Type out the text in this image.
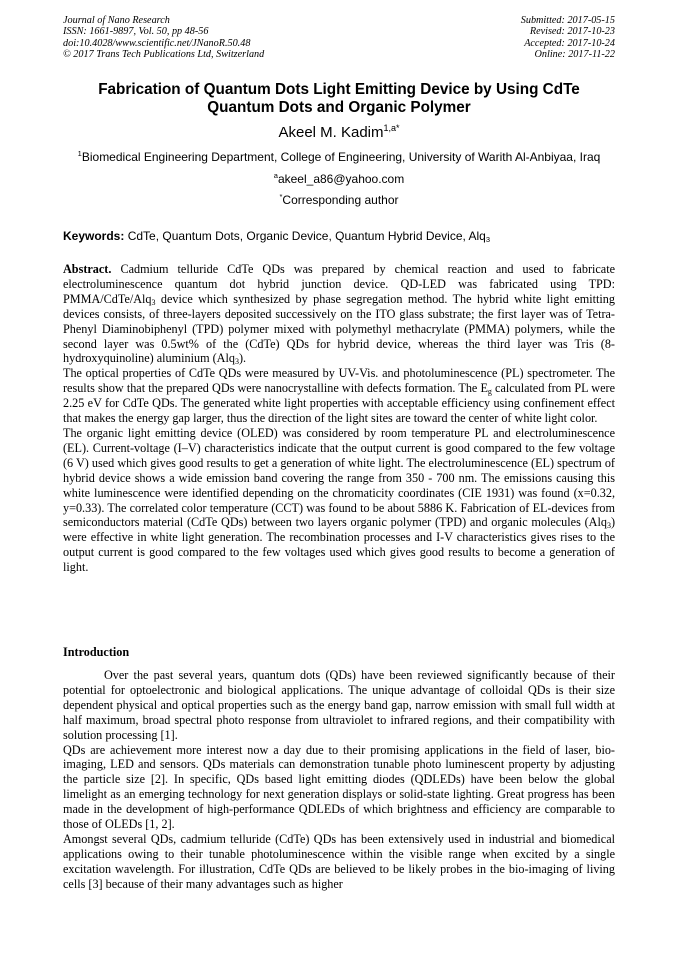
Journal of Nano Research
ISSN: 1661-9897, Vol. 50, pp 48-56
doi:10.4028/www.scientific.net/JNanoR.50.48
© 2017 Trans Tech Publications Ltd, Switzerland
Submitted: 2017-05-15
Revised: 2017-10-23
Accepted: 2017-10-24
Online: 2017-11-22
Fabrication of Quantum Dots Light Emitting Device by Using CdTe
Quantum Dots and Organic Polymer
Akeel M. Kadim$^{1,a*}$
$^1$Biomedical Engineering Department, College of Engineering, University of Warith Al-Anbiyaa, Iraq
$^a$akeel_a86@yahoo.com
*Corresponding author
Keywords: CdTe, Quantum Dots, Organic Device, Quantum Hybrid Device, Alq$_3$

Abstract. Cadmium telluride CdTe QDs was prepared by chemical reaction and used to fabricate electroluminescence quantum dot hybrid junction device. QD-LED was fabricated using TPD: PMMA/CdTe/Alq$_3$ device which synthesized by phase segregation method. The hybrid white light emitting devices consists, of three-layers deposited successively on the ITO glass substrate; the first layer was of Tetra-Phenyl Diaminobiphenyl (TPD) polymer mixed with polymethyl methacrylate (PMMA) polymers, while the second layer was 0.5wt% of the (CdTe) QDs for hybrid device, whereas the third layer was Tris (8-hydroxyquinoline) aluminium (Alq$_3$).

The optical properties of CdTe QDs were measured by UV-Vis. and photoluminescence (PL) spectrometer. The results show that the prepared QDs were nanocrystalline with defects formation. The $E_g$ calculated from PL were 2.25 eV for CdTe QDs. The generated white light properties with acceptable efficiency using confinement effect that makes the energy gap larger, thus the direction of the light sites are toward the center of white light color.

The organic light emitting device (OLED) was considered by room temperature PL and electroluminescence (EL). Current-voltage (I–V) characteristics indicate that the output current is good compared to the few voltage (6 V) used which gives good results to get a generation of white light. The electroluminescence (EL) spectrum of hybrid device shows a wide emission band covering the range from 350 - 700 nm. The emissions causing this white luminescence were identified depending on the chromaticity coordinates (CIE 1931) was found (x=0.32, y=0.33). The correlated color temperature (CCT) was found to be about 5886 K. Fabrication of EL-devices from semiconductors material (CdTe QDs) between two layers organic polymer (TPD) and organic molecules (Alq$_3$) were effective in white light generation. The recombination processes and I-V characteristics gives rises to the output current is good compared to the few voltages used which gives good results to become a generation of light.

Introduction

Over the past several years, quantum dots (QDs) have been reviewed significantly because of their potential for optoelectronic and biological applications. The unique advantage of colloidal QDs is their size dependent physical and optical properties such as the energy band gap, narrow emission with small full width at half maximum, broad spectral photo response from ultraviolet to infrared regions, and their compatibility with solution processing [1].

QDs are achievement more interest now a day due to their promising applications in the field of laser, bio-imaging, LED and sensors. QDs materials can demonstration tunable photo luminescent property by adjusting the particle size [2]. In specific, QDs based light emitting diodes (QDLEDs) have been below the global limelight as an emerging technology for next generation displays or solid-state lighting. Great progress has been made in the development of high-performance QDLEDs of which brightness and efficiency are comparable to those of OLEDs [1, 2].

Amongst several QDs, cadmium telluride (CdTe) QDs has been extensively used in industrial and biomedical applications owing to their tunable photoluminescence within the visible range when excited by a single excitation wavelength. For illustration, CdTe QDs are believed to be likely probes in the bio-imaging of living cells [3] because of their many advantages such as higher
